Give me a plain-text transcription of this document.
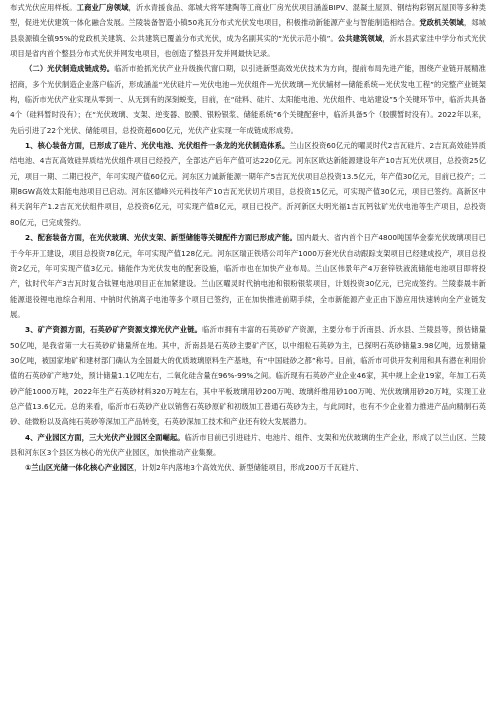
布式光伏应用样板。工商业厂房领域，沂水青援食品、郯城大将军建陶等工商业厂房光伏项目涵盖BIPV、混凝土屋顶、钢结构彩钢瓦屋顶等多种类型，促进光伏建筑一体化融合发展。兰陵装备智造小镇50兆瓦分布式光伏发电项目，积极推动新能源产业与智能制造相结合。党政机关领域，郯城县泉源镇全镇95%的党政机关建筑、公共建筑已覆盖分布式光伏，成为名副其实的“光伏示范小镇”。公共建筑领域，沂水县武家洼中学分布式光伏项目是省内首个整县分布式光伏并网发电项目，也创造了整县开发并网最快记录。

（二）光伏制造成链成势。临沂市抢抓光伏产业升级换代窗口期，以引进新型高效光伏技术为方向，提前布局先进产能，围绕产业链开展精准招商，多个光伏制造企业落户临沂，形成涵盖“光伏硅片—光伏电池—光伏组件—光伏玻璃—光伏辅材—储能系统—光伏发电工程”的完整产业链架构，临沂市光伏产业实现从零到一、从无到有的深刻蜕变，目前，在“硅料、硅片、太阳能电池、光伏组件、电站建设”5个关键环节中，临沂共具备4个（硅料暂时没有）；在“光伏玻璃、支架、逆变器、胶膜、银粉银浆、储能系统”6个关键配套中，临沂具备5个（胶膜暂时没有）。2022年以来，先后引进了22个光伏、储能项目，总投资超600亿元，光伏产业实现一年成链成形成势。

1、核心装备方面，已形成了硅片、光伏电池、光伏组件一条龙的光伏制造体系。兰山区投资60亿元的曜灵时代2吉瓦硅片、2吉瓦高效硅异质结电池、4吉瓦高效硅异质结光伏组件项目已经投产，全部达产后年产值可达220亿元。河东区欧达新能源建设年产10吉瓦光伏项目，总投资25亿元，项目一期、二期已投产，年可实现产值60亿元。河东区力诚新能源一期年产5吉瓦光伏项目总投资13.5亿元，年产值30亿元，目前已投产；二期8GW高效太阳能电池项目已启动。河东区德峰兴元科技年产10吉瓦光伏切片项目，总投资15亿元，可实现产值30亿元，项目已签约。高新区中科天润年产1.2吉瓦光伏组件项目，总投资6亿元，可实现产值8亿元，项目已投产。沂河新区大明光福1吉瓦钙钛矿光伏电池等生产项目，总投资80亿元，已完成签约。

2、配套装备方面，在光伏玻璃、光伏支架、新型储能等关键配件方面已形成产能。国内最大、省内首个日产4800吨国华金泰光伏玻璃项目已于今年开工建设，项目总投资78亿元，年可实现产值128亿元。河东区瑞正铁塔公司年产1000万套光伏自动跟踪支架项目已经建成投产，项目总投资2亿元，年可实现产值3亿元。储能作为光伏发电的配套设施，临沂市也在加快产业布局。兰山区伟景年产4万套锌铁液流储能电池项目即将投产，钛时代年产3吉瓦时复合钛锂电池项目正在加紧建设。兰山区曜灵时代钠电池和银粉银浆项目，计划投资30亿元，已完成签约。兰陵泰晟丰新能源退役锂电池综合利用、中钠时代钠离子电池等多个项目已签约，正在加快推进前期手续，全市新能源产业正由下游应用快速转向全产业链发展。

3、矿产资源方面，石英砂矿产资源支撑光伏产业链。临沂市拥有丰富的石英砂矿产资源，主要分布于沂南县、沂水县、兰陵县等，预估储量50亿吨，是我省第一大石英砂矿储量所在地。其中，沂南县是石英砂主要矿产区，以中细粒石英砂为主，已探明石英砂储量3.98亿吨，远景储量30亿吨，被国家地矿和建材部门确认为全国最大的优质玻璃原料生产基地，有“中国硅砂之都”称号。目前，临沂市可供开发利用和具有潜在利用价值的石英砂矿产地7处，预计储量1.1亿吨左右，二氧化硅含量在96%-99%之间。临沂现有石英砂产业企业46家，其中规上企业19家，年加工石英砂产能1000万吨，2022年生产石英砂材料320万吨左右，其中平板玻璃用砂200万吨、玻璃纤维用砂100万吨、光伏玻璃用砂20万吨，实现工业总产值13.6亿元。总的来看，临沂市石英砂产业以销售石英砂原矿和初级加工普通石英砂为主，与此同时，也有不少企业着力推进产品向精制石英砂、硅微粉以及高纯石英砂等深加工产品转变，石英砂深加工技术和产业还有较大发展潜力。

4、产业园区方面，三大光伏产业园区全面崛起。临沂市目前已引进硅片、电池片、组件、支架和光伏玻璃的生产企业，形成了以兰山区、兰陵县和河东区3个县区为核心的光伏产业园区，加快推动产业集聚。

①兰山区光储一体化核心产业园区，计划2年内落地3个高效光伏、新型储能项目，形成200万千瓦硅片、
